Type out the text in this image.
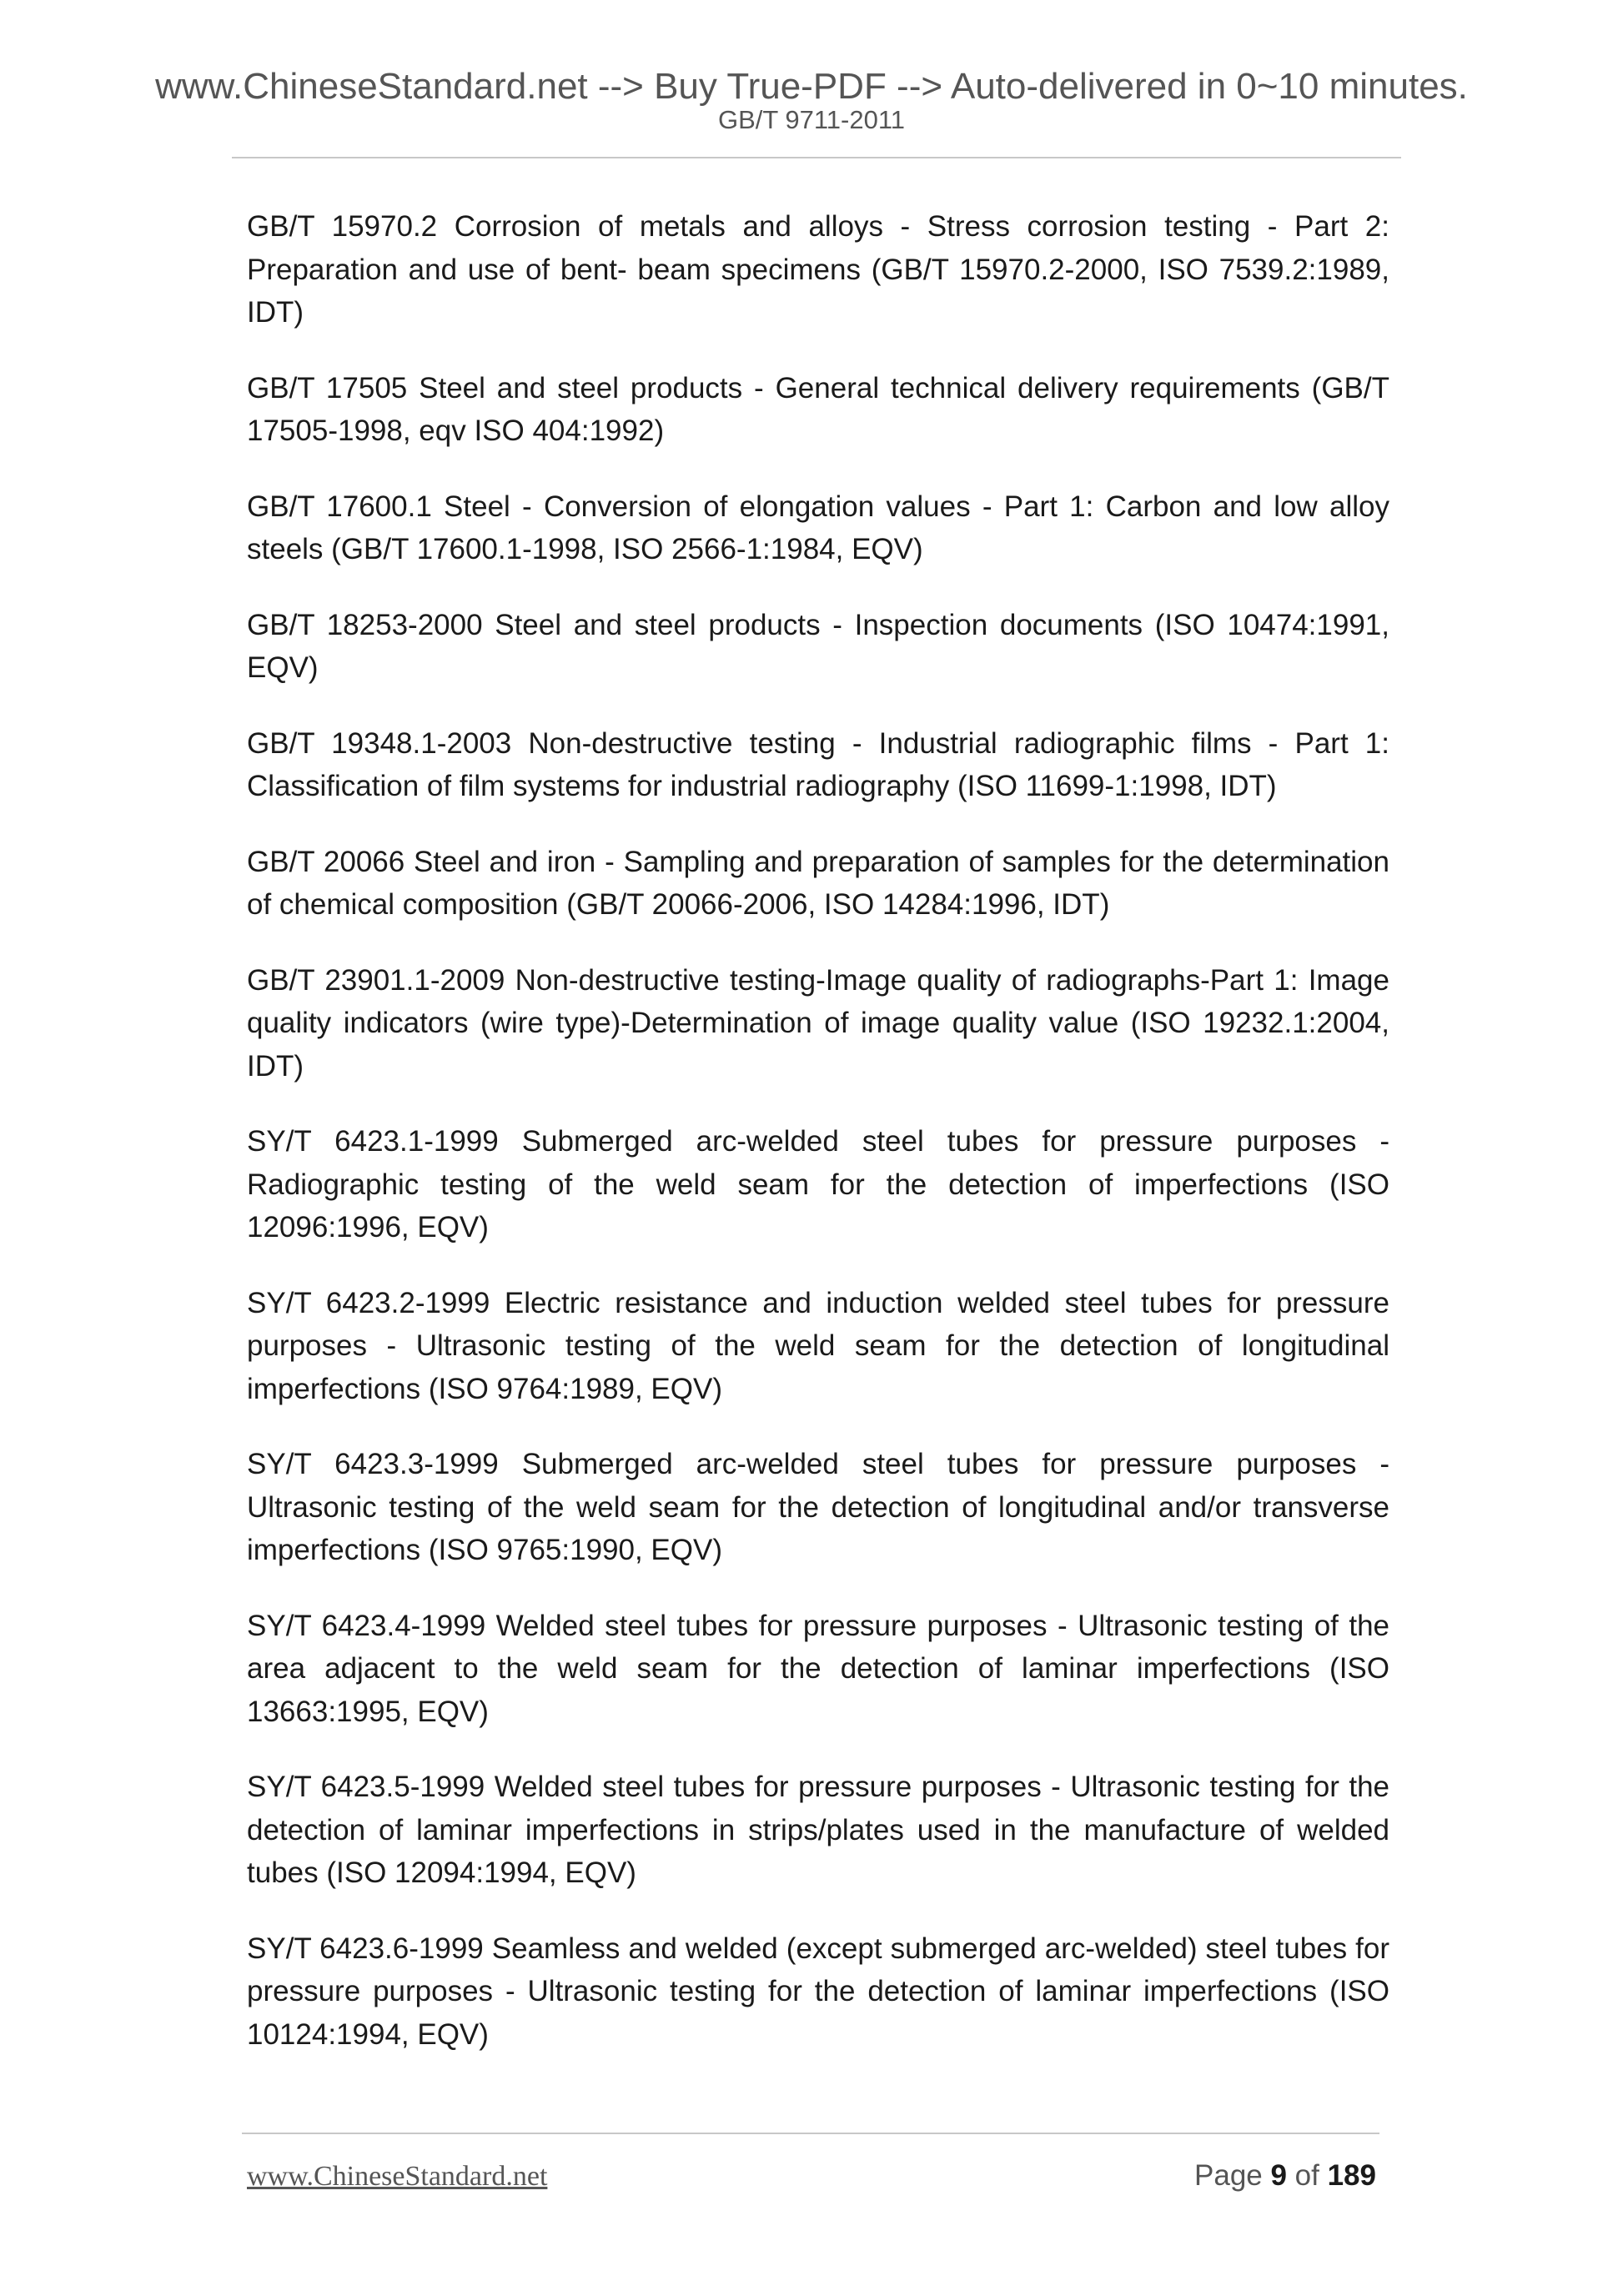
www.ChineseStandard.net --> Buy True-PDF --> Auto-delivered in 0~10 minutes.
GB/T 9711-2011

GB/T 15970.2 Corrosion of metals and alloys - Stress corrosion testing - Part 2: Preparation and use of bent- beam specimens (GB/T 15970.2-2000, ISO 7539.2:1989, IDT)

GB/T 17505 Steel and steel products - General technical delivery requirements (GB/T 17505-1998, eqv ISO 404:1992)

GB/T 17600.1 Steel - Conversion of elongation values - Part 1: Carbon and low alloy steels (GB/T 17600.1-1998, ISO 2566-1:1984, EQV)

GB/T 18253-2000 Steel and steel products - Inspection documents (ISO 10474:1991, EQV)

GB/T 19348.1-2003 Non-destructive testing - Industrial radiographic films - Part 1: Classification of film systems for industrial radiography (ISO 11699-1:1998, IDT)

GB/T 20066 Steel and iron - Sampling and preparation of samples for the determination of chemical composition (GB/T 20066-2006, ISO 14284:1996, IDT)

GB/T 23901.1-2009 Non-destructive testing-Image quality of radiographs-Part 1: Image quality indicators (wire type)-Determination of image quality value (ISO 19232.1:2004, IDT)

SY/T 6423.1-1999 Submerged arc-welded steel tubes for pressure purposes - Radiographic testing of the weld seam for the detection of imperfections (ISO 12096:1996, EQV)

SY/T 6423.2-1999 Electric resistance and induction welded steel tubes for pressure purposes - Ultrasonic testing of the weld seam for the detection of longitudinal imperfections (ISO 9764:1989, EQV)

SY/T 6423.3-1999 Submerged arc-welded steel tubes for pressure purposes - Ultrasonic testing of the weld seam for the detection of longitudinal and/or transverse imperfections (ISO 9765:1990, EQV)

SY/T 6423.4-1999 Welded steel tubes for pressure purposes - Ultrasonic testing of the area adjacent to the weld seam for the detection of laminar imperfections (ISO 13663:1995, EQV)

SY/T 6423.5-1999 Welded steel tubes for pressure purposes - Ultrasonic testing for the detection of laminar imperfections in strips/plates used in the manufacture of welded tubes (ISO 12094:1994, EQV)

SY/T 6423.6-1999 Seamless and welded (except submerged arc-welded) steel tubes for pressure purposes - Ultrasonic testing for the detection of laminar imperfections (ISO 10124:1994, EQV)

www.ChineseStandard.net	Page 9 of 189
